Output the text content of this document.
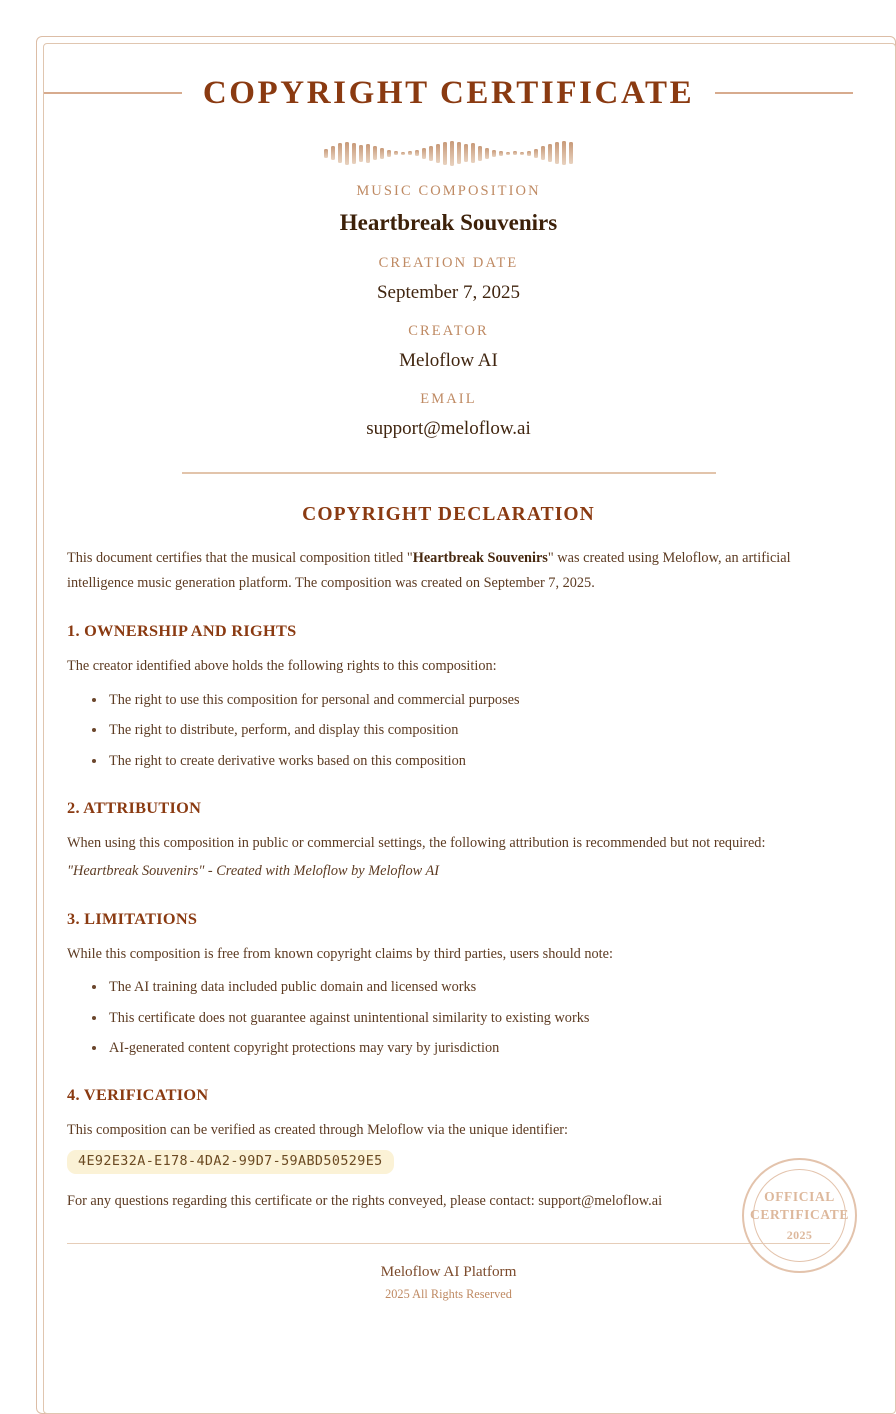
COPYRIGHT CERTIFICATE
MUSIC COMPOSITION
Heartbreak Souvenirs
CREATION DATE
September 7, 2025
CREATOR
Meloflow AI
EMAIL
support@meloflow.ai
COPYRIGHT DECLARATION
This document certifies that the musical composition titled "Heartbreak Souvenirs" was created using Meloflow, an artificial intelligence music generation platform. The composition was created on September 7, 2025.
1. OWNERSHIP AND RIGHTS
The creator identified above holds the following rights to this composition:
The right to use this composition for personal and commercial purposes
The right to distribute, perform, and display this composition
The right to create derivative works based on this composition
2. ATTRIBUTION
When using this composition in public or commercial settings, the following attribution is recommended but not required:
"Heartbreak Souvenirs" - Created with Meloflow by Meloflow AI
3. LIMITATIONS
While this composition is free from known copyright claims by third parties, users should note:
The AI training data included public domain and licensed works
This certificate does not guarantee against unintentional similarity to existing works
AI-generated content copyright protections may vary by jurisdiction
4. VERIFICATION
This composition can be verified as created through Meloflow via the unique identifier:
4E92E32A-E178-4DA2-99D7-59ABD50529E5
For any questions regarding this certificate or the rights conveyed, please contact: support@meloflow.ai
Meloflow AI Platform
2025 All Rights Reserved
OFFICIAL
CERTIFICATE
2025
